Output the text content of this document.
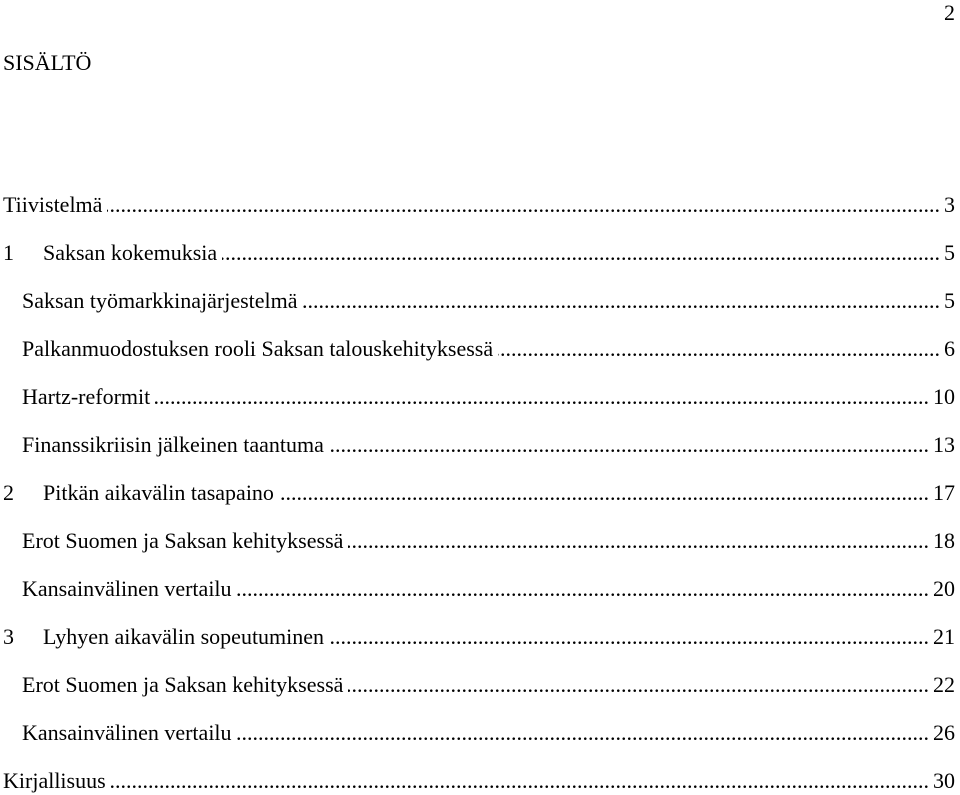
2
SISÄLTÖ
Tiivistelmä .....	3
1	Saksan kokemuksia .....	5
Saksan työmarkkinajärjestelmä .....	5
Palkanmuodostuksen rooli Saksan talouskehityksessä .....	6
Hartz-reformit .....	10
Finanssikriisin jälkeinen taantuma .....	13
2	Pitkän aikavälin tasapaino .....	17
Erot Suomen ja Saksan kehityksessä .....	18
Kansainvälinen vertailu .....	20
3	Lyhyen aikavälin sopeutuminen .....	21
Erot Suomen ja Saksan kehityksessä .....	22
Kansainvälinen vertailu .....	26
Kirjallisuus .....	30
